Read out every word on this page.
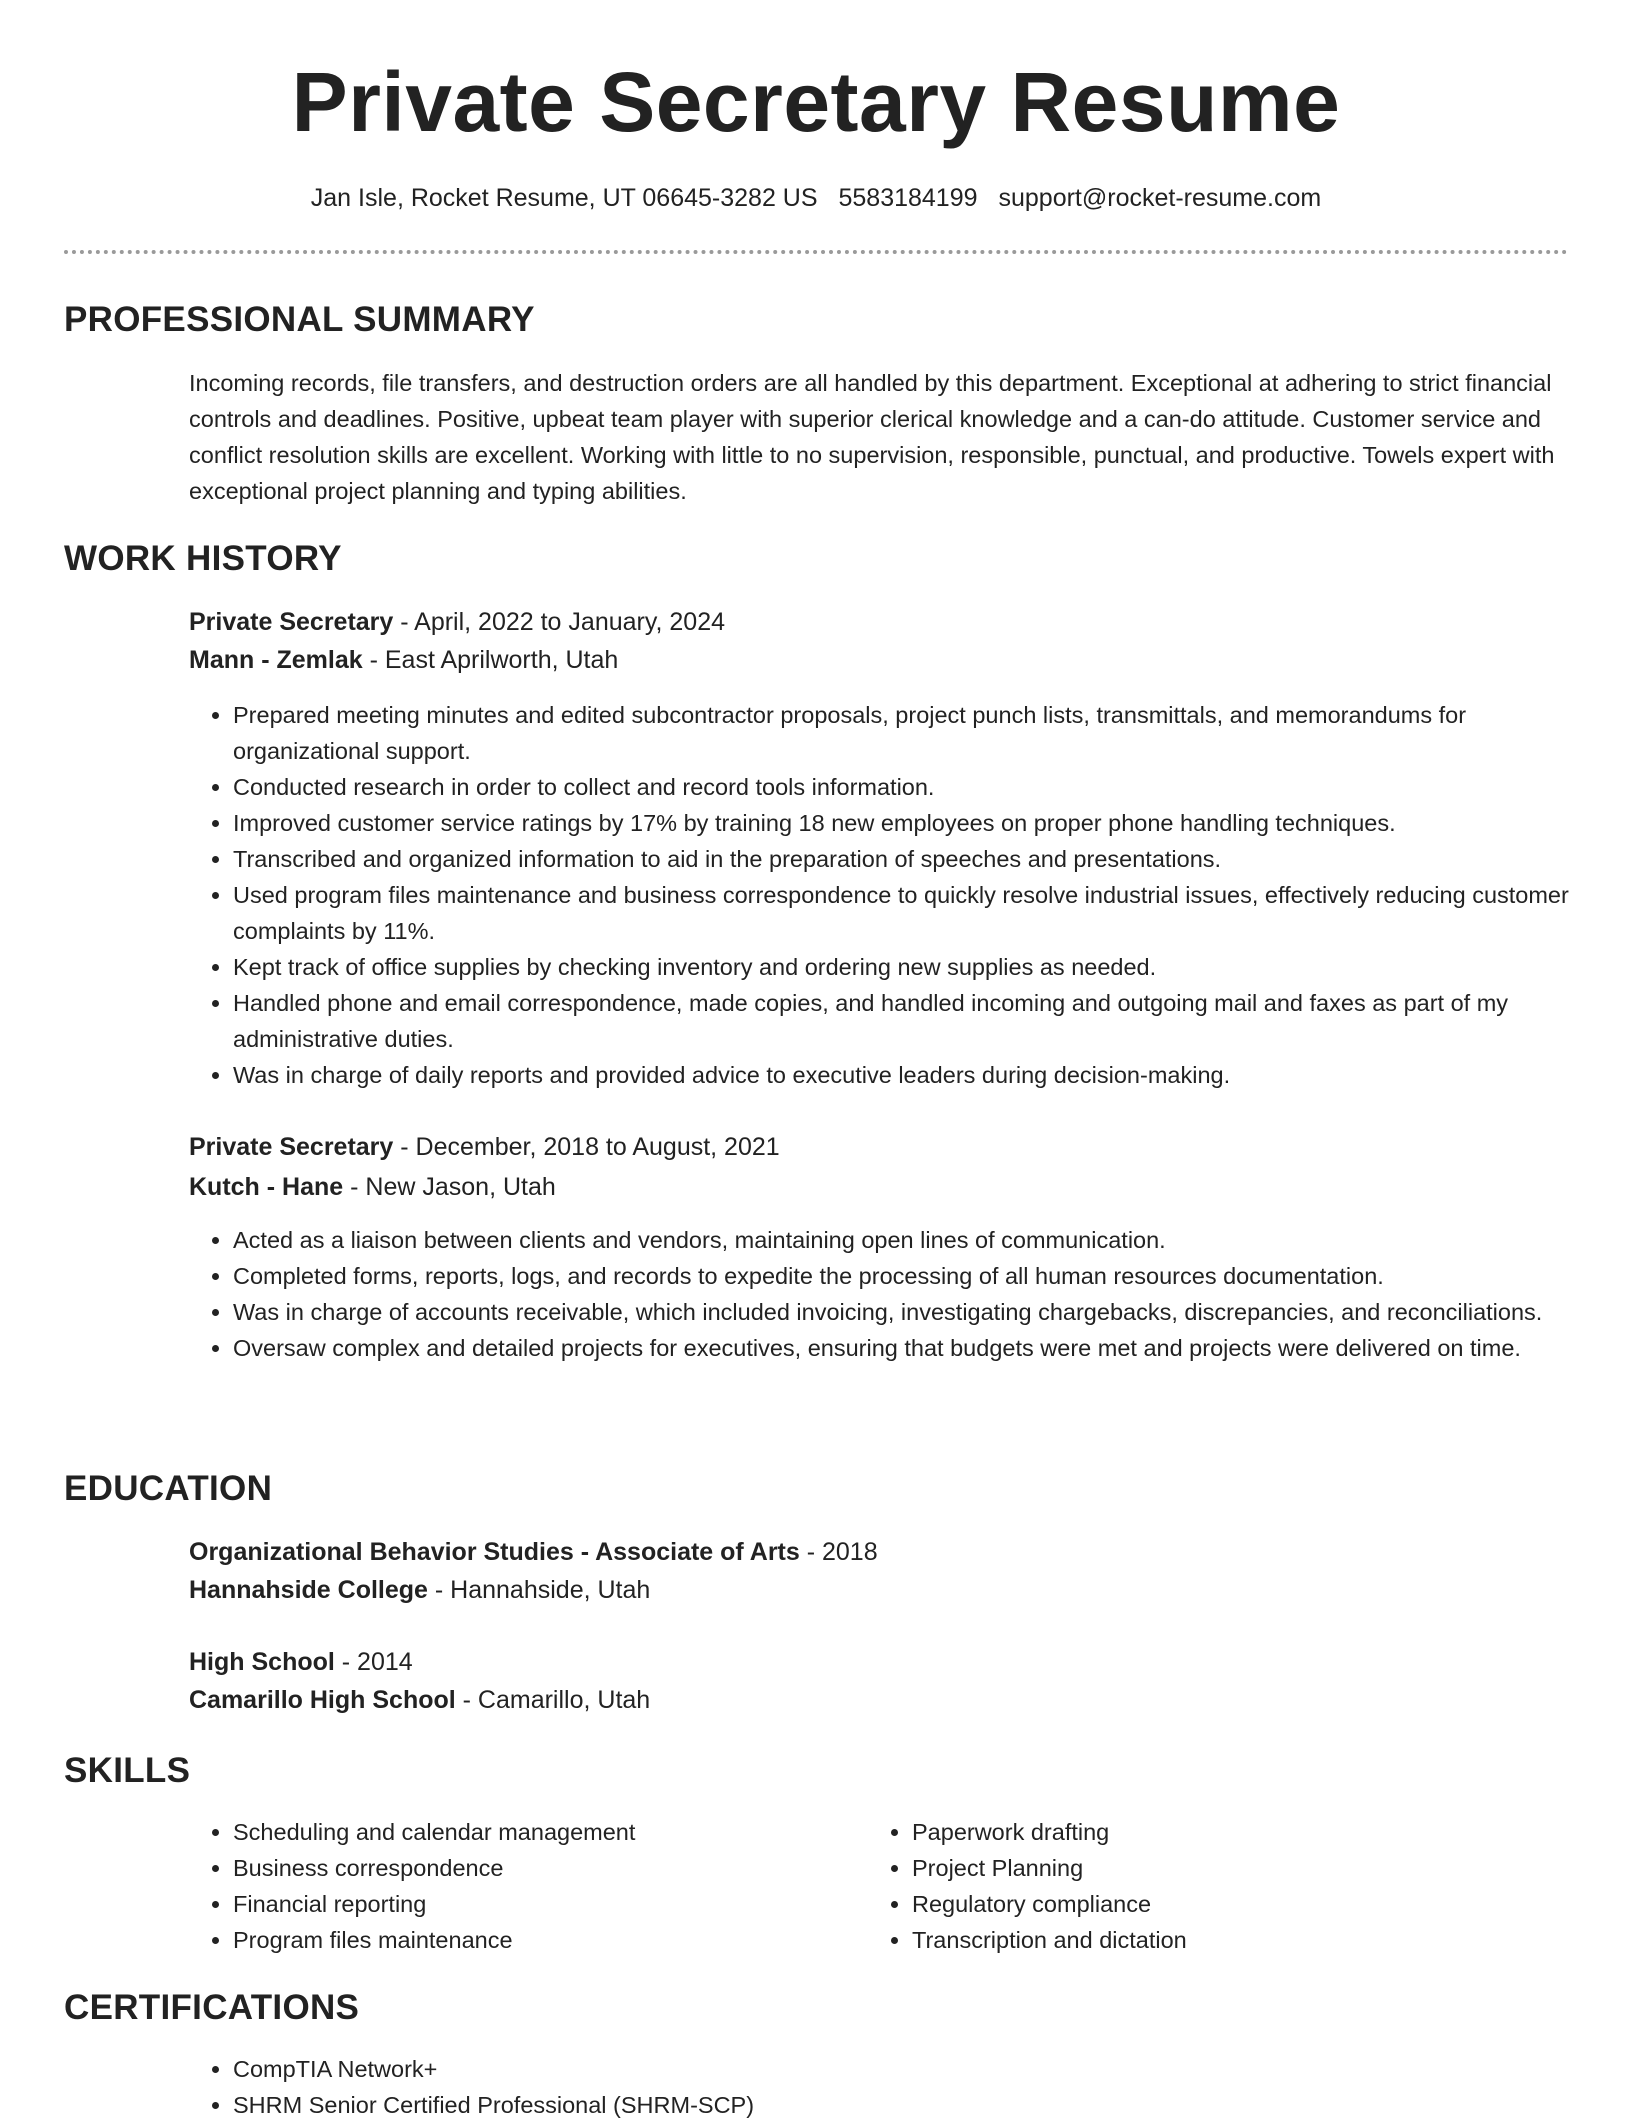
Private Secretary Resume
Jan Isle, Rocket Resume, UT 06645-3282 US 5583184199 support@rocket-resume.com
PROFESSIONAL SUMMARY

Incoming records, file transfers, and destruction orders are all handled by this department. Exceptional at adhering to strict financial controls and deadlines. Positive, upbeat team player with superior clerical knowledge and a can-do attitude. Customer service and conflict resolution skills are excellent. Working with little to no supervision, responsible, punctual, and productive. Towels expert with exceptional project planning and typing abilities.

WORK HISTORY
Private Secretary - April, 2022 to January, 2024
Mann - Zemlak - East Aprilworth, Utah
• Prepared meeting minutes and edited subcontractor proposals, project punch lists, transmittals, and memorandums for organizational support.
• Conducted research in order to collect and record tools information.
• Improved customer service ratings by 17% by training 18 new employees on proper phone handling techniques.
• Transcribed and organized information to aid in the preparation of speeches and presentations.
• Used program files maintenance and business correspondence to quickly resolve industrial issues, effectively reducing customer complaints by 11%.
• Kept track of office supplies by checking inventory and ordering new supplies as needed.
• Handled phone and email correspondence, made copies, and handled incoming and outgoing mail and faxes as part of my administrative duties.
• Was in charge of daily reports and provided advice to executive leaders during decision-making.
Private Secretary - December, 2018 to August, 2021
Kutch - Hane - New Jason, Utah
• Acted as a liaison between clients and vendors, maintaining open lines of communication.
• Completed forms, reports, logs, and records to expedite the processing of all human resources documentation.
• Was in charge of accounts receivable, which included invoicing, investigating chargebacks, discrepancies, and reconciliations.
• Oversaw complex and detailed projects for executives, ensuring that budgets were met and projects were delivered on time.
EDUCATION
Organizational Behavior Studies - Associate of Arts - 2018
Hannahside College - Hannahside, Utah
High School - 2014
Camarillo High School - Camarillo, Utah
SKILLS
• Scheduling and calendar management
• Business correspondence
• Financial reporting
• Program files maintenance
• Paperwork drafting
• Project Planning
• Regulatory compliance
• Transcription and dictation
CERTIFICATIONS
• CompTIA Network+
• SHRM Senior Certified Professional (SHRM-SCP)
